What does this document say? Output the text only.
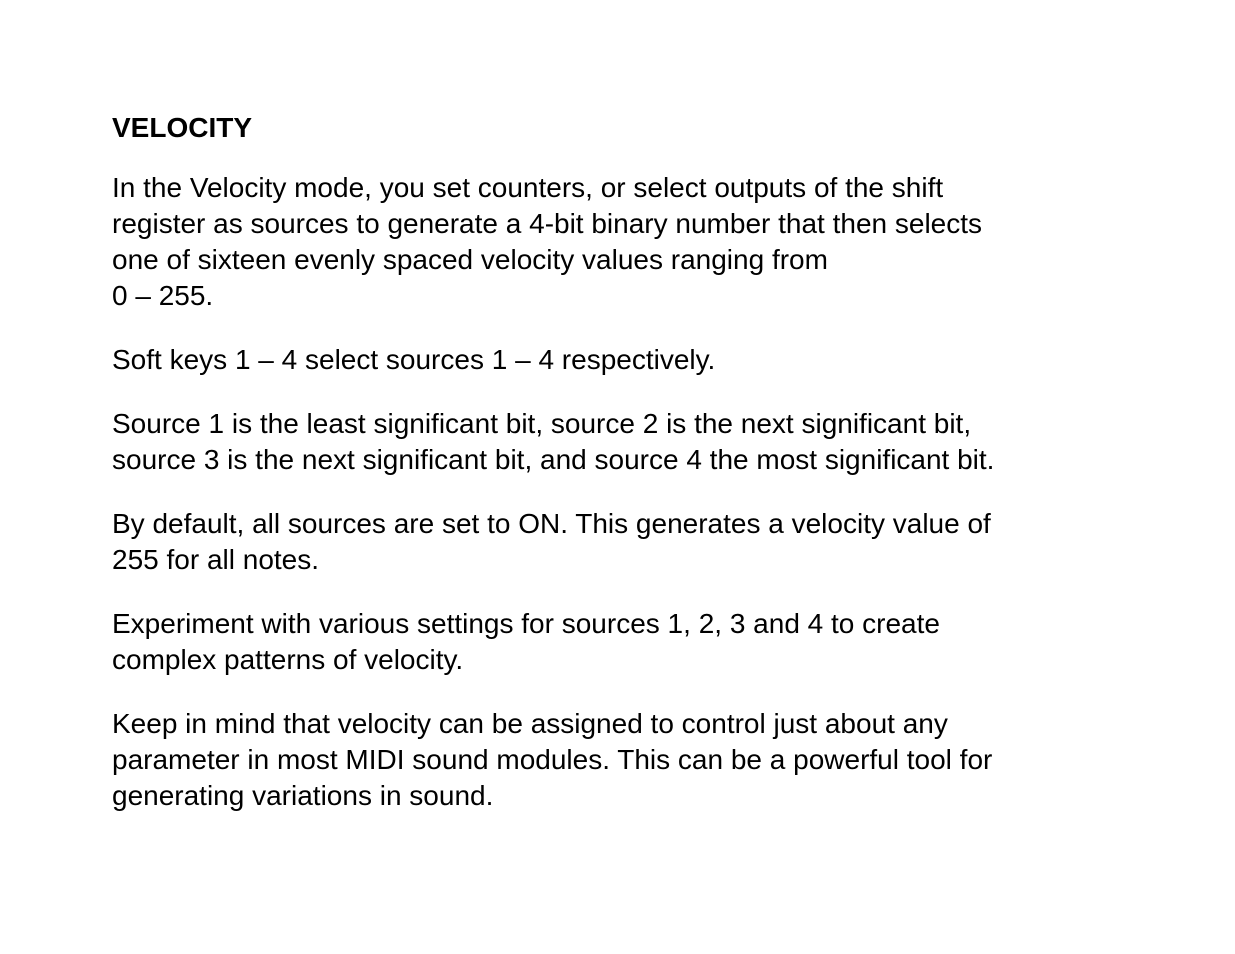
VELOCITY
In the Velocity mode, you set counters, or select outputs of the shift
register as sources to generate a 4-bit binary number that then selects
one of sixteen evenly spaced velocity values ranging from
0 – 255.
Soft keys 1 – 4 select sources 1 – 4 respectively.
Source 1 is the least significant bit, source 2 is the next significant bit,
source 3 is the next significant bit, and source 4 the most significant bit.
By default, all sources are set to ON. This generates a velocity value of
255 for all notes.
Experiment with various settings for sources 1, 2, 3 and 4 to create
complex patterns of velocity.
Keep in mind that velocity can be assigned to control just about any
parameter in most MIDI sound modules. This can be a powerful tool for
generating variations in sound.
